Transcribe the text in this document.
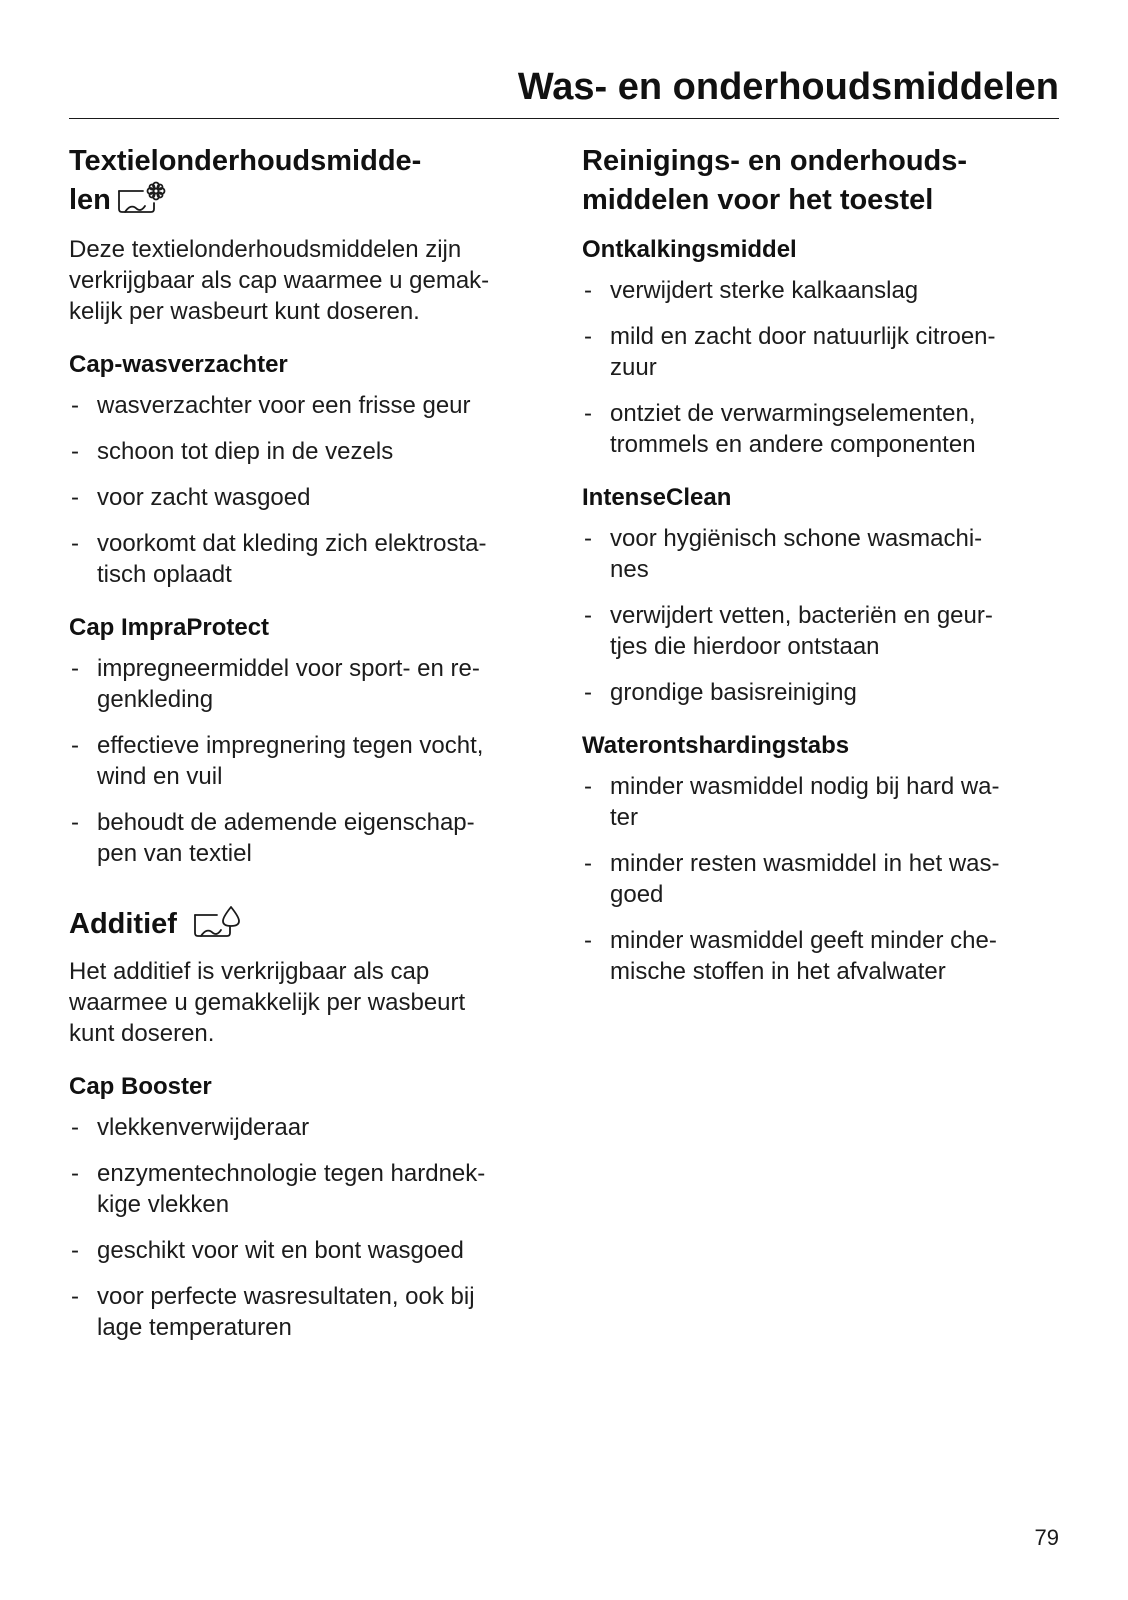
Was- en onderhoudsmiddelen
Textielonderhoudsmidde-
len

Deze textielonderhoudsmiddelen zijn
verkrijgbaar als cap waarmee u gemak-
kelijk per wasbeurt kunt doseren.

Cap-wasverzachter
- wasverzachter voor een frisse geur
- schoon tot diep in de vezels
- voor zacht wasgoed
- voorkomt dat kleding zich elektrosta-
tisch oplaadt
Cap ImpraProtect
- impregneermiddel voor sport- en re-
genkleding
- effectieve impregnering tegen vocht,
wind en vuil
- behoudt de ademende eigenschap-
pen van textiel
Additief

Het additief is verkrijgbaar als cap
waarmee u gemakkelijk per wasbeurt
kunt doseren.

Cap Booster
- vlekkenverwijderaar
- enzymentechnologie tegen hardnek-
kige vlekken
- geschikt voor wit en bont wasgoed
- voor perfecte wasresultaten, ook bij
lage temperaturen
Reinigings- en onderhouds-
middelen voor het toestel
Ontkalkingsmiddel
- verwijdert sterke kalkaanslag
- mild en zacht door natuurlijk citroen-
zuur
- ontziet de verwarmingselementen,
trommels en andere componenten
IntenseClean
- voor hygiënisch schone wasmachi-
nes
- verwijdert vetten, bacteriën en geur-
tjes die hierdoor ontstaan
- grondige basisreiniging
Waterontshardingstabs
- minder wasmiddel nodig bij hard wa-
ter
- minder resten wasmiddel in het was-
goed
- minder wasmiddel geeft minder che-
mische stoffen in het afvalwater
79
